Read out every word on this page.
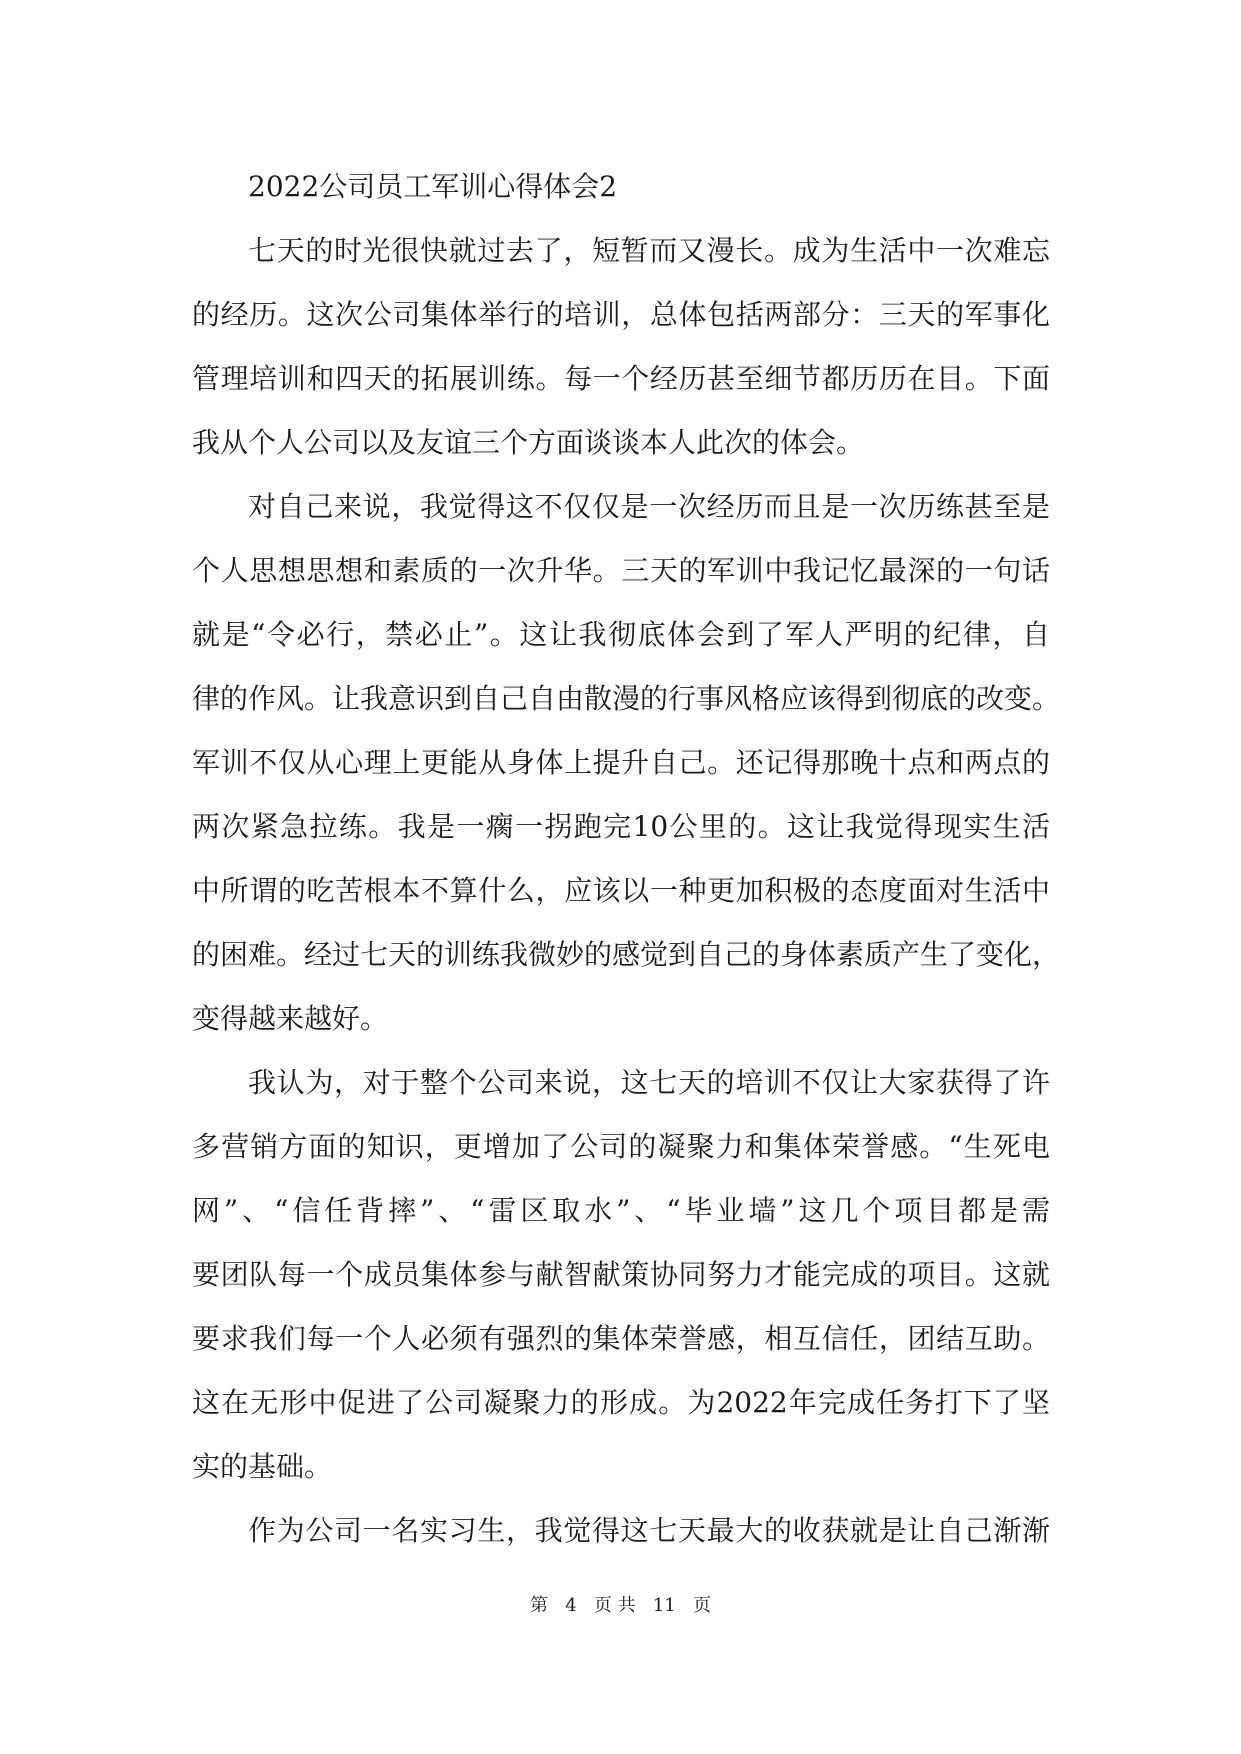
2022公司员工军训心得体会2
七天的时光很快就过去了，短暂而又漫长。成为生活中一次难忘
的经历。这次公司集体举行的培训，总体包括两部分：三天的军事化
管理培训和四天的拓展训练。每一个经历甚至细节都历历在目。下面
我从个人公司以及友谊三个方面谈谈本人此次的体会。
对自己来说，我觉得这不仅仅是一次经历而且是一次历练甚至是
个人思想思想和素质的一次升华。三天的军训中我记忆最深的一句话
就是“令必行，禁必止”。这让我彻底体会到了军人严明的纪律，自
律的作风。让我意识到自己自由散漫的行事风格应该得到彻底的改变。
军训不仅从心理上更能从身体上提升自己。还记得那晚十点和两点的
两次紧急拉练。我是一瘸一拐跑完10公里的。这让我觉得现实生活
中所谓的吃苦根本不算什么，应该以一种更加积极的态度面对生活中
的困难。经过七天的训练我微妙的感觉到自己的身体素质产生了变化，
变得越来越好。
我认为，对于整个公司来说，这七天的培训不仅让大家获得了许
多营销方面的知识，更增加了公司的凝聚力和集体荣誉感。“生死电
网”、“信任背摔”、“雷区取水”、“毕业墙”这几个项目都是需
要团队每一个成员集体参与献智献策协同努力才能完成的项目。这就
要求我们每一个人必须有强烈的集体荣誉感，相互信任，团结互助。
这在无形中促进了公司凝聚力的形成。为2022年完成任务打下了坚
实的基础。
作为公司一名实习生，我觉得这七天最大的收获就是让自己渐渐
第 4 页 共 11 页
